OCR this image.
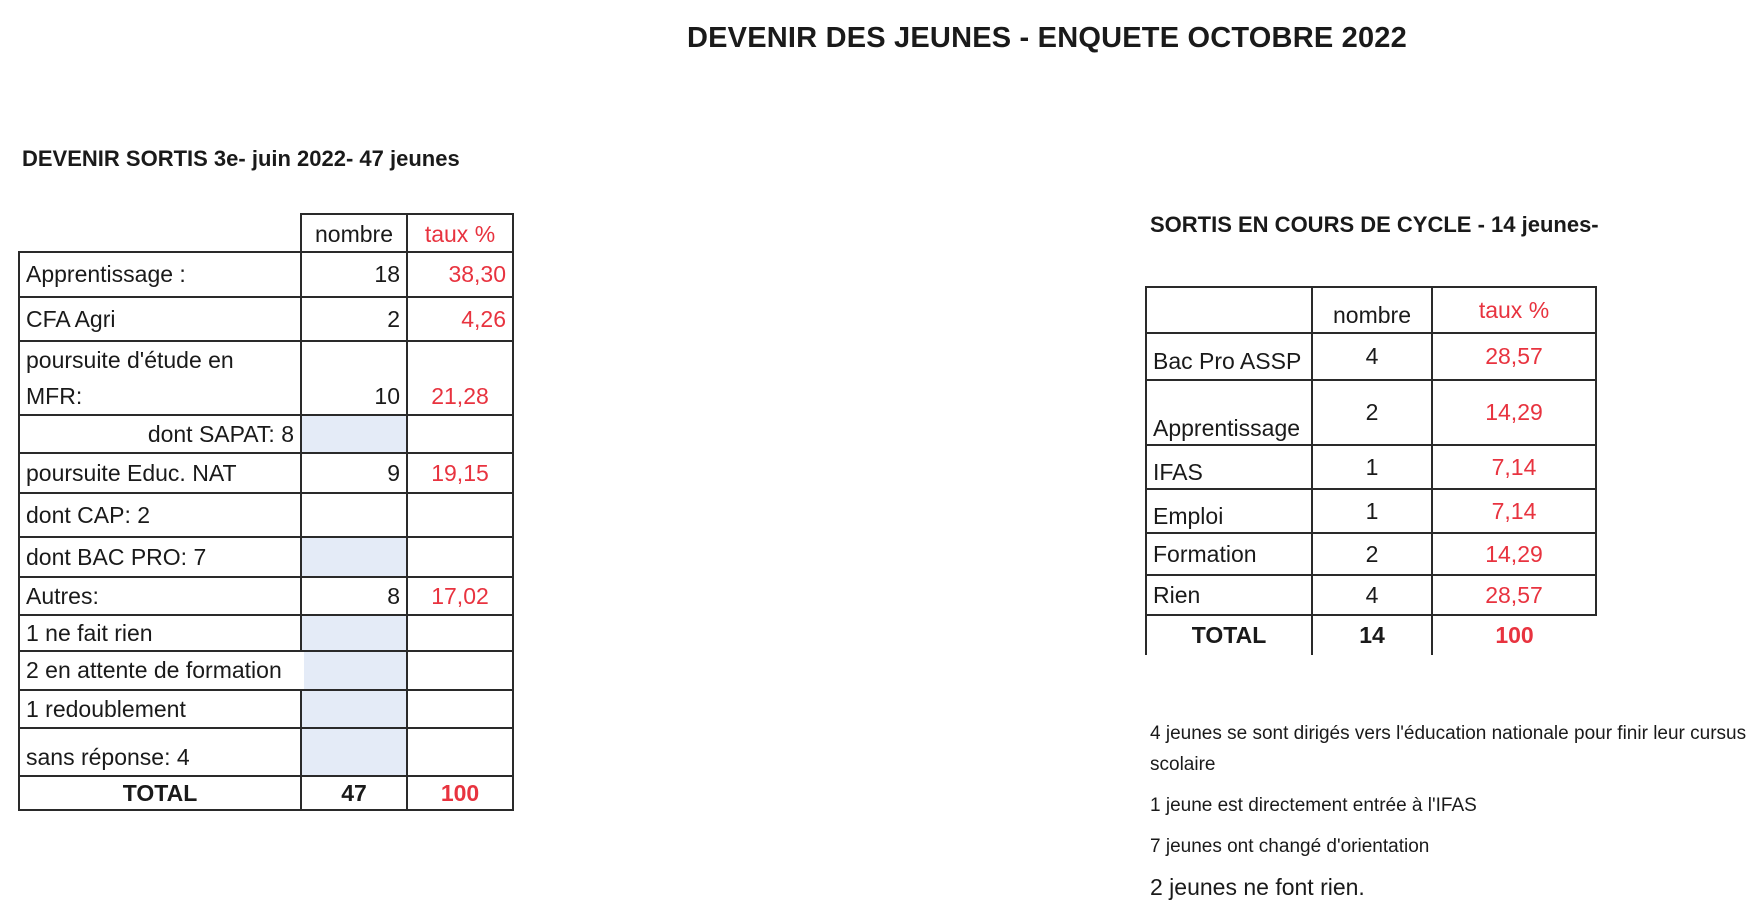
DEVENIR DES JEUNES - ENQUETE OCTOBRE 2022
DEVENIR SORTIS 3e- juin 2022- 47 jeunes
SORTIS EN COURS DE CYCLE - 14 jeunes-
	nombre	taux %
Apprentissage :	18	38,30
CFA Agri	2	4,26
poursuite d'étude en MFR:	10	21,28
dont SAPAT: 8		
poursuite Educ. NAT	9	19,15
dont CAP: 2		
dont BAC PRO: 7		
Autres:	8	17,02
1 ne fait rien		
2 en attente de formation		
1 redoublement		
sans réponse: 4		
TOTAL	47	100
	nombre	taux %
Bac Pro ASSP	4	28,57
Apprentissage	2	14,29
IFAS	1	7,14
Emploi	1	7,14
Formation	2	14,29
Rien	4	28,57
TOTAL	14	100
4 jeunes se sont dirigés vers l'éducation nationale pour finir leur cursus scolaire
1 jeune est directement entrée à l'IFAS
7 jeunes ont changé d'orientation
2 jeunes ne font rien.
